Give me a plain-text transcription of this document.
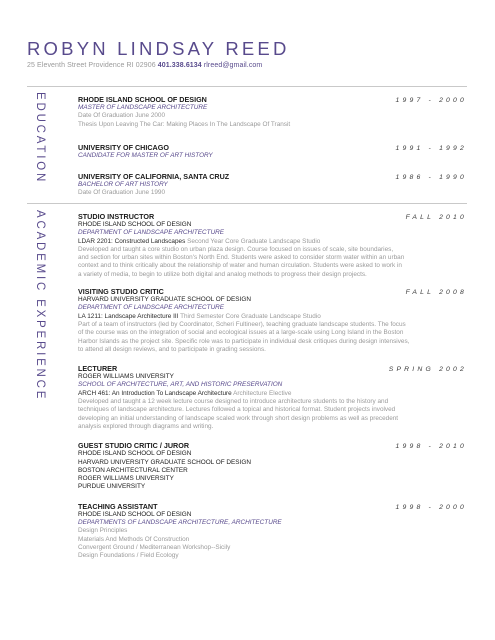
ROBYN LINDSAY REED
25 Eleventh Street Providence RI 02906 401.338.6134 rlreed@gmail.com
EDUCATION	RHODE ISLAND SCHOOL OF DESIGN	1997 - 2000
MASTER OF LANDSCAPE ARCHITECTURE
Date Of Graduation June 2000
Thesis Upon Leaving The Car: Making Places In The Landscape Of Transit
UNIVERSITY OF CHICAGO	1991 - 1992
CANDIDATE FOR MASTER OF ART HISTORY
UNIVERSITY OF CALIFORNIA, SANTA CRUZ	1986 - 1990
BACHELOR OF ART HISTORY
Date Of Graduation June 1990
ACADEMIC EXPERIENCE	STUDIO INSTRUCTOR	FALL 2010
RHODE ISLAND SCHOOL OF DESIGN
DEPARTMENT OF LANDSCAPE ARCHITECTURE
LDAR 2201: Constructed Landscapes Second Year Core Graduate Landscape Studio
Developed and taught a core studio on urban plaza design. Course focused on issues of scale, site boundaries,
and section for urban sites within Boston's North End. Students were asked to consider storm water within an urban
context and to think critically about the relationship of water and human circulation. Students were asked to work in
a variety of media, to begin to utilize both digital and analog methods to progress their design projects.
VISITING STUDIO CRITIC	FALL 2008
HARVARD UNIVERSITY GRADUATE SCHOOL OF DESIGN
DEPARTMENT OF LANDSCAPE ARCHITECTURE
LA 1211: Landscape Architecture III Third Semester Core Graduate Landscape Studio
Part of a team of instructors (led by Coordinator, Scheri Fultineer), teaching graduate landscape students. The focus
of the course was on the integration of social and ecological issues at a large-scale using Long Island in the Boston
Harbor Islands as the project site. Specific role was to participate in individual desk critiques during design intensives,
to attend all design reviews, and to participate in grading sessions.
LECTURER	SPRING 2002
ROGER WILLIAMS UNIVERSITY
SCHOOL OF ARCHITECTURE, ART, AND HISTORIC PRESERVATION
ARCH 461: An Introduction To Landscape Architecture Architecture Elective
Developed and taught a 12 week lecture course designed to introduce architecture students to the history and
techniques of landscape architecture. Lectures followed a topical and historical format. Student projects involved
developing an initial understanding of landscape scaled work through short design problems as well as precedent
analysis explored through diagrams and writing.
GUEST STUDIO CRITIC / JUROR	1998 - 2010
RHODE ISLAND SCHOOL OF DESIGN
HARVARD UNIVERSITY GRADUATE SCHOOL OF DESIGN
BOSTON ARCHITECTURAL CENTER
ROGER WILLIAMS UNIVERSITY
PURDUE UNIVERSITY
TEACHING ASSISTANT	1998 - 2000
RHODE ISLAND SCHOOL OF DESIGN
DEPARTMENTS OF LANDSCAPE ARCHITECTURE, ARCHITECTURE
Design Principles
Materials And Methods Of Construction
Convergent Ground / Mediterranean Workshop--Sicily
Design Foundations / Field Ecology
